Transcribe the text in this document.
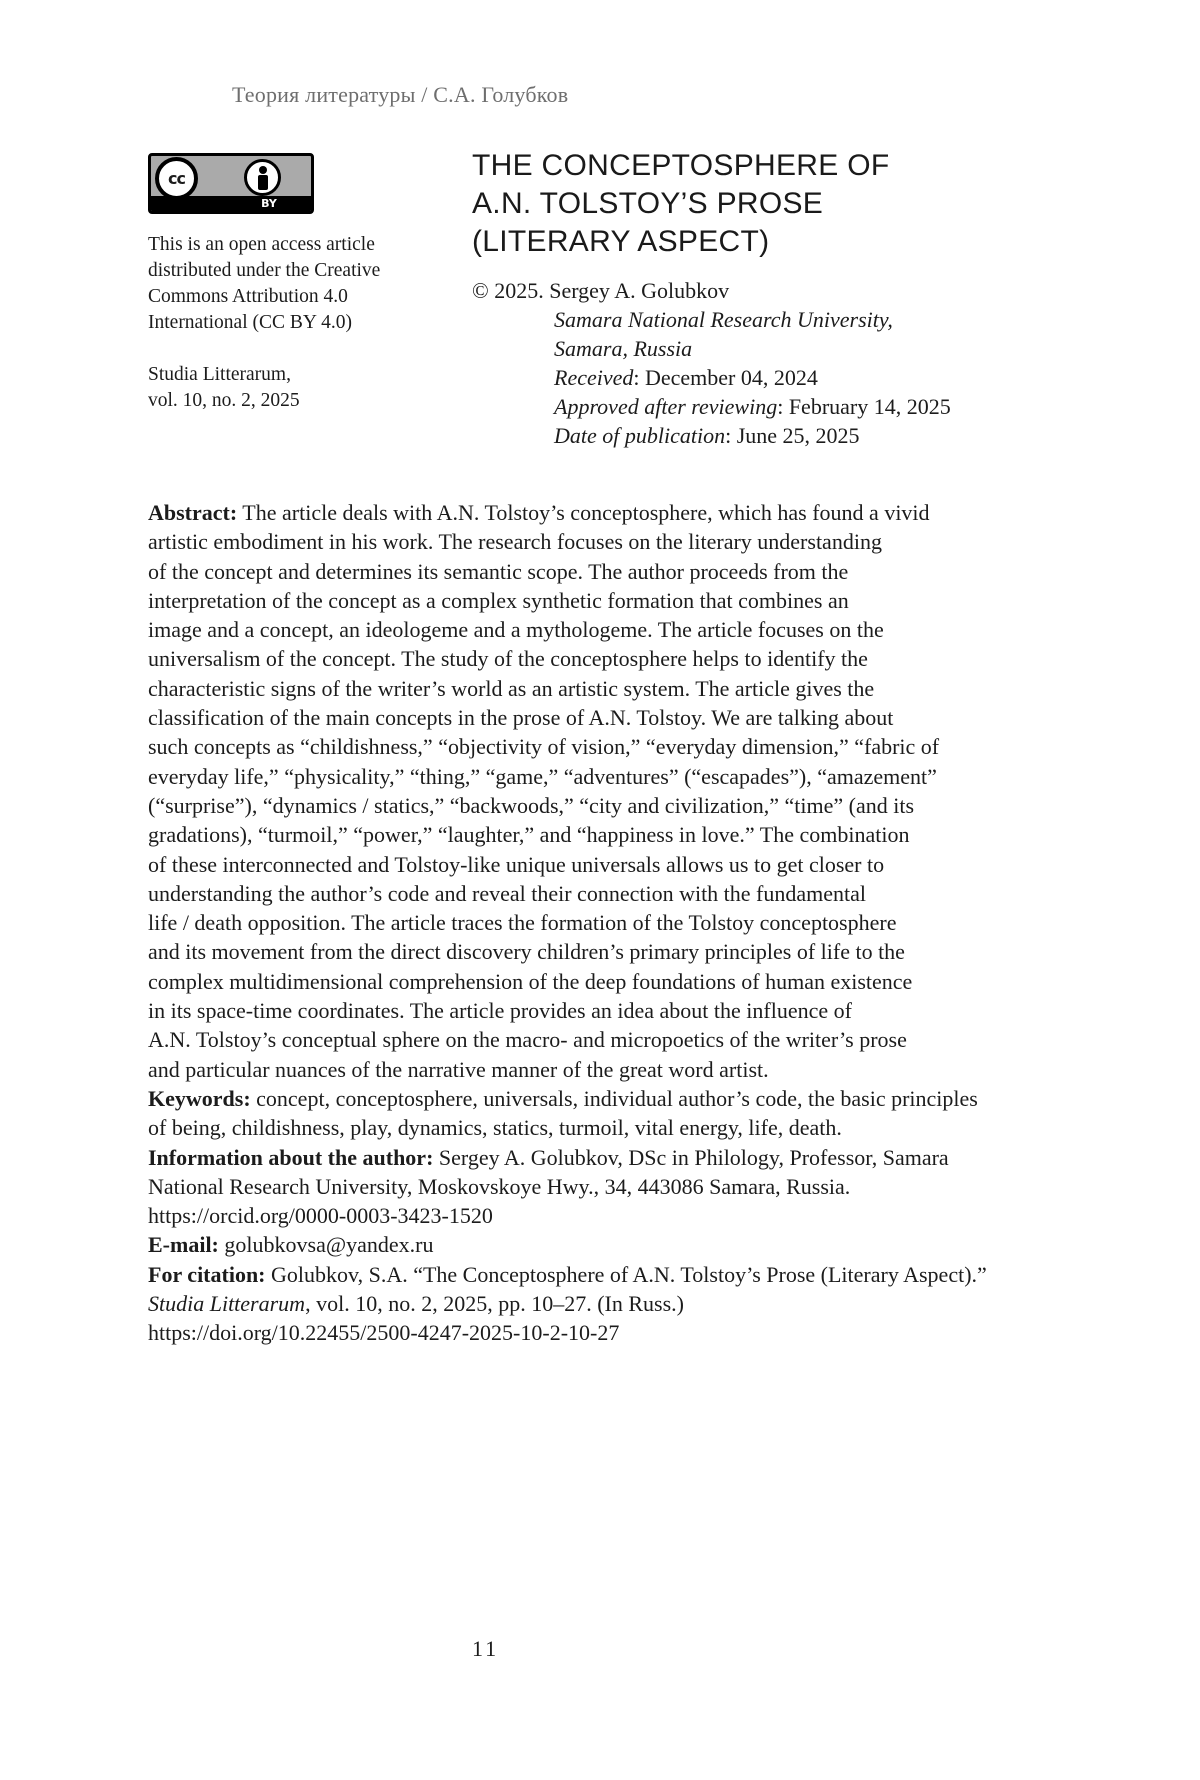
Теория литературы / С.А. Голубков
cc
BY

This is an open access article

distributed under the Creative

Commons Attribution 4.0

International (CC BY 4.0)

Studia Litterarum,

vol. 10, no. 2, 2025

THE CONCEPTOSPHERE OF
A.N. TOLSTOY’S PROSE
(LITERARY ASPECT)
© 2025. Sergey A. Golubkov
Samara National Research University,
Samara, Russia
Received: December 04, 2024
Approved after reviewing: February 14, 2025
Date of publication: June 25, 2025
Abstract: The article deals with A.N. Tolstoy’s conceptosphere, which has found a vivid
artistic embodiment in his work. The research focuses on the literary understanding
of the concept and determines its semantic scope. The author proceeds from the
interpretation of the concept as a complex synthetic formation that combines an
image and a concept, an ideologeme and a mythologeme. The article focuses on the
universalism of the concept. The study of the conceptosphere helps to identify the
characteristic signs of the writer’s world as an artistic system. The article gives the
classification of the main concepts in the prose of A.N. Tolstoy. We are talking about
such concepts as “childishness,” “objectivity of vision,” “everyday dimension,” “fabric of
everyday life,” “physicality,” “thing,” “game,” “adventures” (“escapades”), “amazement”
(“surprise”), “dynamics / statics,” “backwoods,” “city and civilization,” “time” (and its
gradations), “turmoil,” “power,” “laughter,” and “happiness in love.” The combination
of these interconnected and Tolstoy-like unique universals allows us to get closer to
understanding the author’s code and reveal their connection with the fundamental
life / death opposition. The article traces the formation of the Tolstoy conceptosphere
and its movement from the direct discovery children’s primary principles of life to the
complex multidimensional comprehension of the deep foundations of human existence
in its space-time coordinates. The article provides an idea about the influence of
A.N. Tolstoy’s conceptual sphere on the macro- and micropoetics of the writer’s prose
and particular nuances of the narrative manner of the great word artist.
Keywords: concept, conceptosphere, universals, individual author’s code, the basic principles
of being, childishness, play, dynamics, statics, turmoil, vital energy, life, death.
Information about the author: Sergey A. Golubkov, DSc in Philology, Professor, Samara
National Research University, Moskovskoye Hwy., 34, 443086 Samara, Russia.
https://orcid.org/0000-0003-3423-1520
E-mail: golubkovsa@yandex.ru
For citation: Golubkov, S.A. “The Conceptosphere of A.N. Tolstoy’s Prose (Literary Aspect).”
Studia Litterarum, vol. 10, no. 2, 2025, pp. 10–27. (In Russ.)
https://doi.org/10.22455/2500-4247-2025-10-2-10-27
11
